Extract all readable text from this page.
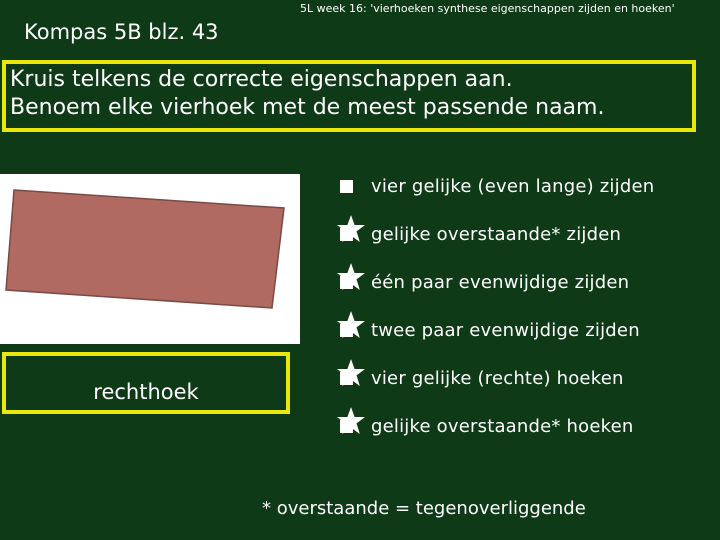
Kompas 5B blz. 43
5L week 16: 'vierhoeken synthese eigenschappen zijden en hoeken'
Kruis telkens de correcte eigenschappen aan.
Benoem elke vierhoek met de meest passende naam.
rechthoek
vier gelijke (even lange) zijden
gelijke overstaande* zijden
één paar evenwijdige zijden
twee paar evenwijdige zijden
vier gelijke (rechte) hoeken
gelijke overstaande* hoeken
* overstaande = tegenoverliggende
